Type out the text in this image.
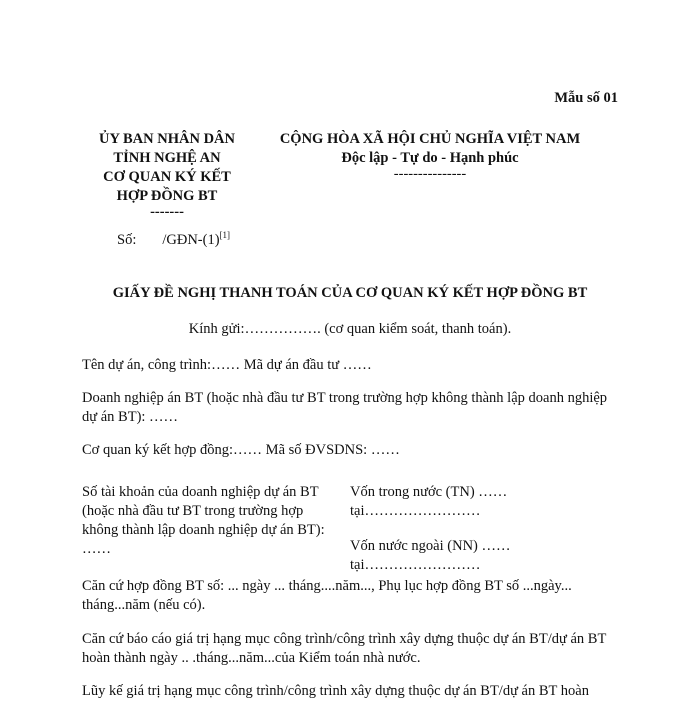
Mẫu số 01
ỦY BAN NHÂN DÂN
TỈNH NGHỆ AN
CƠ QUAN KÝ KẾT
HỢP ĐỒNG BT
-------
CỘNG HÒA XÃ HỘI CHỦ NGHĨA VIỆT NAM
Độc lập - Tự do - Hạnh phúc
---------------
Số: /GĐN-(1)[1]
GIẤY ĐỀ NGHỊ THANH TOÁN CỦA CƠ QUAN KÝ KẾT HỢP ĐỒNG BT
Kính gửi:……………. (cơ quan kiểm soát, thanh toán).
Tên dự án, công trình:…… Mã dự án đầu tư ……
Doanh nghiệp án BT (hoặc nhà đầu tư BT trong trường hợp không thành lập doanh nghiệp dự án BT): ……
Cơ quan ký kết hợp đồng:…… Mã số ĐVSDNS: ……
Số tài khoản của doanh nghiệp dự án BT (hoặc nhà đầu tư BT trong trường hợp không thành lập doanh nghiệp dự án BT): ……
Vốn trong nước (TN) ……
tại……………………
Vốn nước ngoài (NN) ……
tại……………………
Căn cứ hợp đồng BT số: ... ngày ... tháng....năm..., Phụ lục hợp đồng BT số ...ngày... tháng...năm (nếu có).
Căn cứ báo cáo giá trị hạng mục công trình/công trình xây dựng thuộc dự án BT/dự án BT hoàn thành ngày .. .tháng...năm...của Kiểm toán nhà nước.
Lũy kế giá trị hạng mục công trình/công trình xây dựng thuộc dự án BT/dự án BT hoàn
